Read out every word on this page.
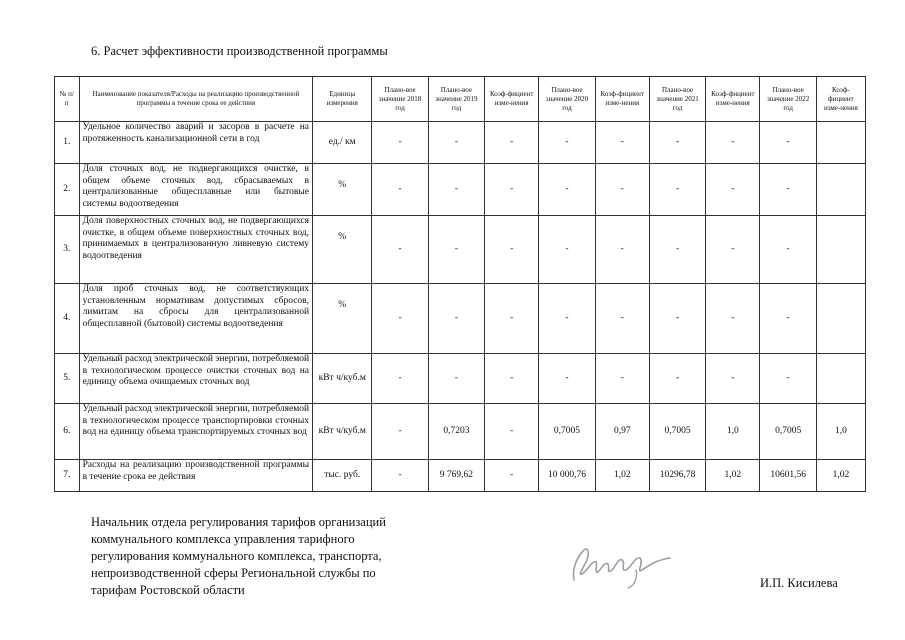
6. Расчет эффективности производственной программы
№ п/п	Наименование показателя/Расходы на реализацию производственной программы в течение срока ее действия	Единица измерения	Плано-вое значение 2018 год	Плано-вое значение 2019 год	Коэф-фициент изме-нения	Плано-вое значение 2020 год	Коэф-фициент изме-нения	Плано-вое значение 2021 год	Коэф-фициент изме-нения	Плано-вое значение 2022 год	Коэф-фициент изме-нения
1.	Удельное количество аварий и засоров в расчете на протяженность канализационной сети в год	ед./ км	-	-	-	-	-	-	-	-	
2.	Доля сточных вод, не подвергающихся очистке, в общем объеме сточных вод, сбрасываемых в централизованные общесплавные или бытовые системы водоотведения	%	-	-	-	-	-	-	-	-	
3.	Доля поверхностных сточных вод, не подвергающихся очистке, в общем объеме поверхностных сточных вод, принимаемых в централизованную ливневую систему водоотведения	%	-	-	-	-	-	-	-	-	
4.	Доля проб сточных вод, не соответствующих установленным нормативам допустимых сбросов, лимитам на сбросы для централизованной общесплавной (бытовой) системы водоотведения	%	-	-	-	-	-	-	-	-	
5.	Удельный расход электрической энергии, потребляемой в технологическом процессе очистки сточных вод на единицу объема очищаемых сточных вод	кВт ч/куб.м	-	-	-	-	-	-	-	-	
6.	Удельный расход электрической энергии, потребляемой в технологическом процессе транспортировки сточных вод на единицу объема транспортируемых сточных вод	кВт ч/куб.м	-	0,7203	-	0,7005	0,97	0,7005	1,0	0,7005	1,0
7.	Расходы на реализацию производственной программы в течение срока ее действия	тыс. руб.	-	9 769,62	-	10 000,76	1,02	10296,78	1,02	10601,56	1,02

Начальник отдела регулирования тарифов организаций коммунального комплекса управления тарифного регулирования коммунального комплекса, транспорта, непроизводственной сферы Региональной службы по тарифам Ростовской области	И.П. Кисилева
